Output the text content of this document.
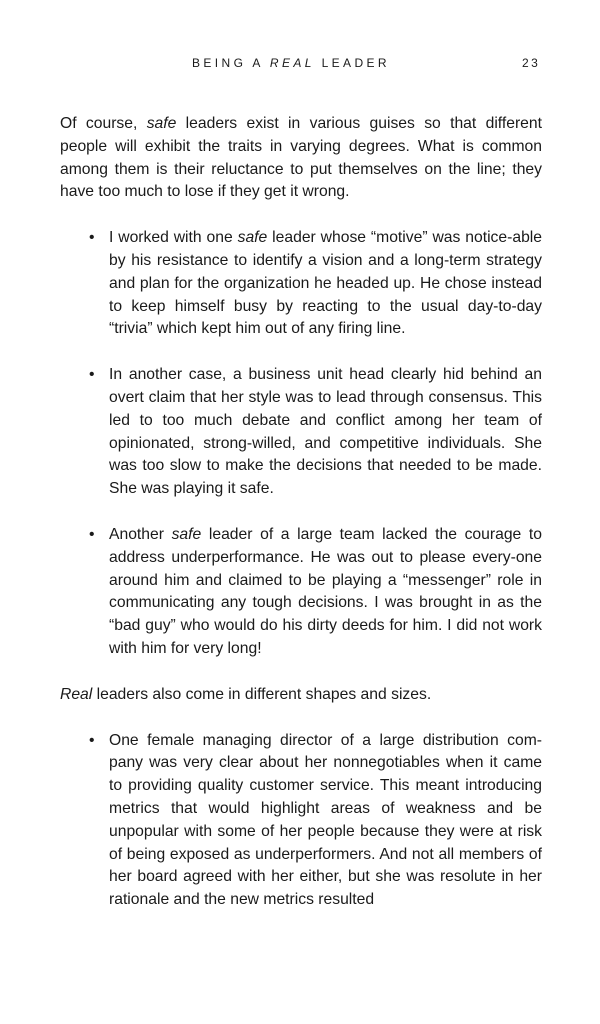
BEING A REAL LEADER	23

Of course, safe leaders exist in various guises so that different people will exhibit the traits in varying degrees. What is common among them is their reluctance to put themselves on the line; they have too much to lose if they get it wrong.

• I worked with one safe leader whose “motive” was notice-able by his resistance to identify a vision and a long-term strategy and plan for the organization he headed up. He chose instead to keep himself busy by reacting to the usual day-to-day “trivia” which kept him out of any firing line.
• In another case, a business unit head clearly hid behind an overt claim that her style was to lead through consensus. This led to too much debate and conflict among her team of opinionated, strong-willed, and competitive individuals. She was too slow to make the decisions that needed to be made. She was playing it safe.
• Another safe leader of a large team lacked the courage to address underperformance. He was out to please every-one around him and claimed to be playing a “messenger” role in communicating any tough decisions. I was brought in as the “bad guy” who would do his dirty deeds for him. I did not work with him for very long!

Real leaders also come in different shapes and sizes.

• One female managing director of a large distribution com-pany was very clear about her nonnegotiables when it came to providing quality customer service. This meant introducing metrics that would highlight areas of weakness and be unpopular with some of her people because they were at risk of being exposed as underperformers. And not all members of her board agreed with her either, but she was resolute in her rationale and the new metrics resulted
